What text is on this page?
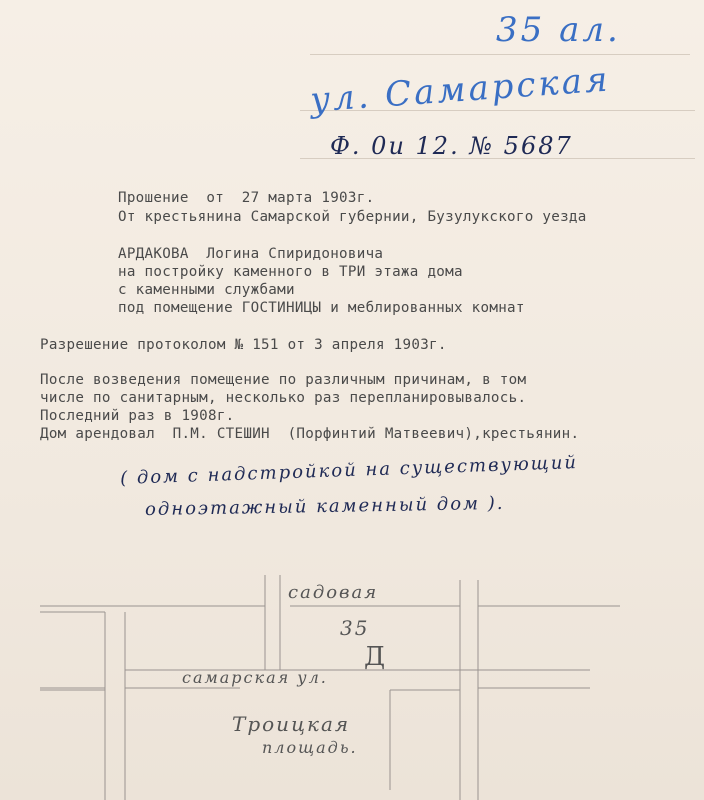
35 ал.
ул. Самарская
Ф. 0и 12. № 5687
Прошение  от  27 марта 1903г.
От крестьянина Самарской губернии, Бузулукского уезда
АРДАКОВА  Логина Спиридоновича
на постройку каменного в ТРИ этажа дома
с каменными службами
под помещение ГОСТИНИЦЫ и меблированных комнат
Разрешение протоколом № 151 от 3 апреля 1903г.
После возведения помещение по различным причинам, в том
числе по санитарным, несколько раз перепланировывалось.
Последний раз в 1908г.
Дом арендовал  П.М. СТЕШИН  (Порфинтий Матвеевич),крестьянин.
( дом с надстройкой на существующий
одноэтажный каменный дом ).
садовая
35
Д
самарская ул.
Троицкая
площадь.
